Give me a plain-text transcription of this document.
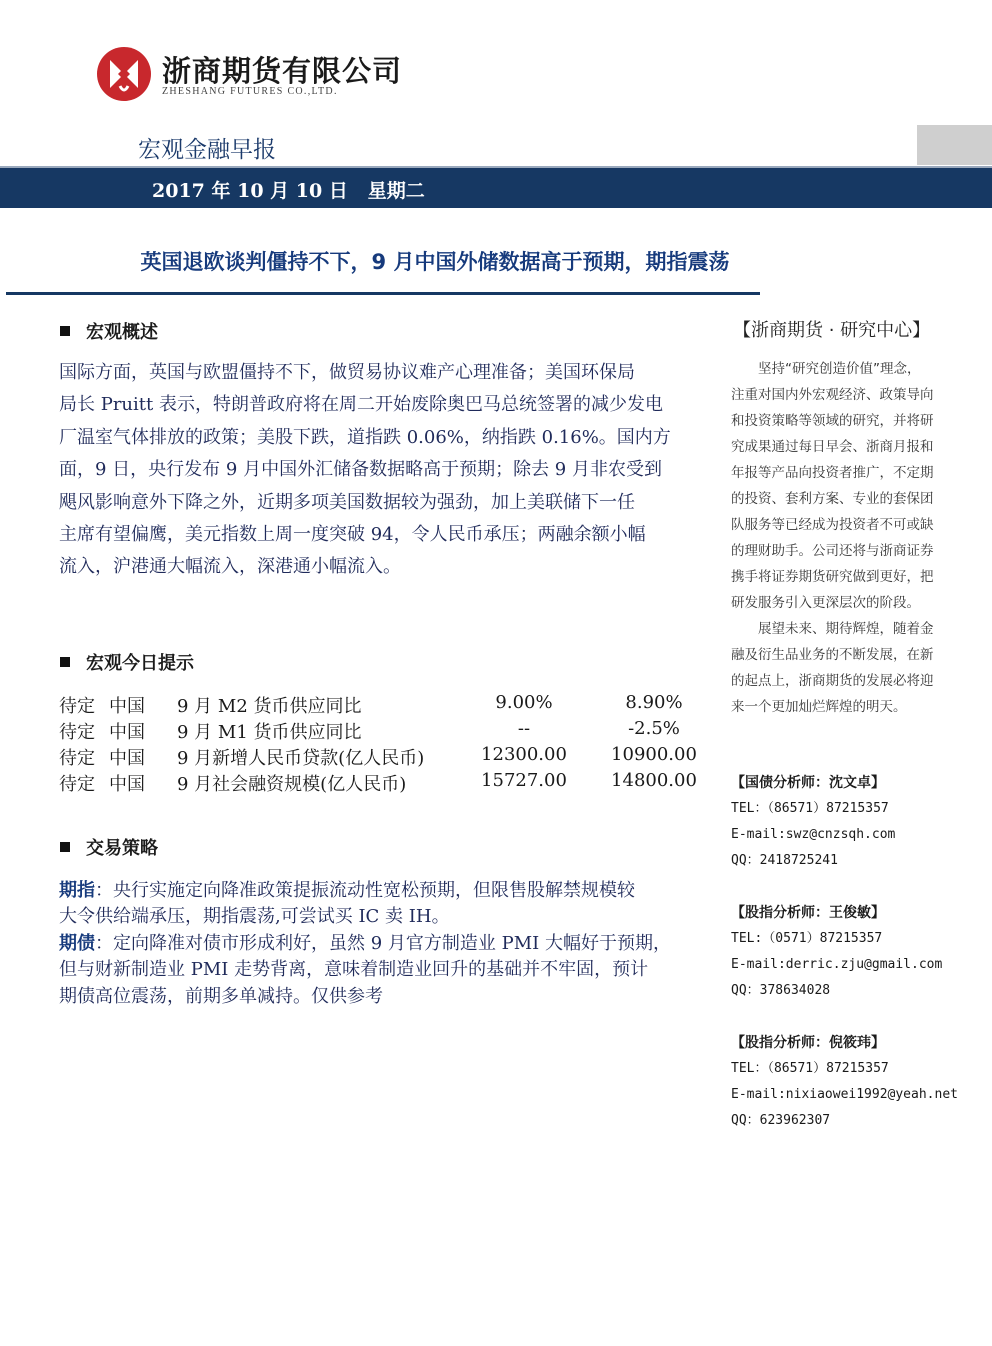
浙商期货有限公司
ZHESHANG FUTURES CO.,LTD.
宏观金融早报
2017 年 10 月 10 日 星期二
英国退欧谈判僵持不下，9 月中国外储数据高于预期，期指震荡
宏观概述
国际方面，英国与欧盟僵持不下，做贸易协议难产心理准备；美国环保局
局长 Pruitt 表示，特朗普政府将在周二开始废除奥巴马总统签署的减少发电
厂温室气体排放的政策；美股下跌，道指跌 0.06%，纳指跌 0.16%。国内方
面，9 日，央行发布 9 月中国外汇储备数据略高于预期；除去 9 月非农受到
飓风影响意外下降之外，近期多项美国数据较为强劲，加上美联储下一任
主席有望偏鹰，美元指数上周一度突破 94，令人民币承压；两融余额小幅
流入，沪港通大幅流入，深港通小幅流入。
宏观今日提示
待定 中国 9 月 M2 货币供应同比	9.00%	8.90%
待定 中国 9 月 M1 货币供应同比	--	-2.5%
待定 中国 9 月新增人民币贷款(亿人民币)	12300.00	10900.00
待定 中国 9 月社会融资规模(亿人民币)	15727.00	14800.00
交易策略
期指：央行实施定向降准政策提振流动性宽松预期，但限售股解禁规模较
大令供给端承压，期指震荡,可尝试买 IC 卖 IH。
期债：定向降准对债市形成利好，虽然 9 月官方制造业 PMI 大幅好于预期，
但与财新制造业 PMI 走势背离，意味着制造业回升的基础并不牢固，预计
期债高位震荡，前期多单减持。仅供参考
【浙商期货 · 研究中心】
　　坚持“研究创造价值”理念，
注重对国内外宏观经济、政策导向
和投资策略等领域的研究，并将研
究成果通过每日早会、浙商月报和
年报等产品向投资者推广，不定期
的投资、套利方案、专业的套保团
队服务等已经成为投资者不可或缺
的理财助手。公司还将与浙商证券
携手将证券期货研究做到更好，把
研发服务引入更深层次的阶段。
　　展望未来、期待辉煌，随着金
融及衍生品业务的不断发展，在新
的起点上，浙商期货的发展必将迎
来一个更加灿烂辉煌的明天。
【国债分析师：沈文卓】
TEL：（86571）87215357
E-mail:swz@cnzsqh.com
QQ：2418725241
【股指分析师：王俊敏】
TEL:（0571）87215357
E-mail:derric.zju@gmail.com
QQ：378634028
【股指分析师：倪筱玮】
TEL：（86571）87215357
E-mail:nixiaowei1992@yeah.net
QQ：623962307
